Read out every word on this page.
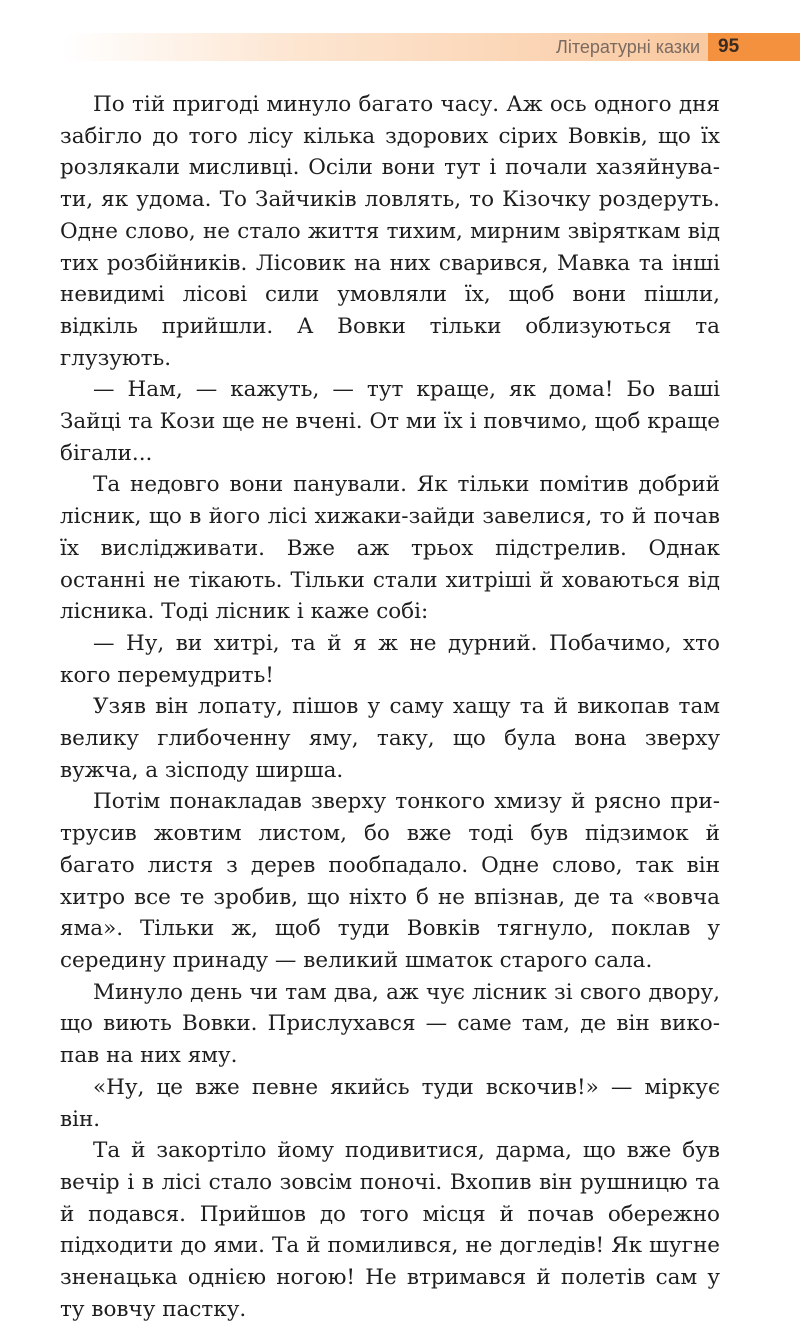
Літературні казки 95

По тій пригоді минуло багато часу. Аж ось одного дня забігло до того лісу кілька здорових сірих Вовків, що їх розлякали мисливці. Осіли вони тут і почали хазяйнувати, як удома. То Зайчиків ловлять, то Кізочку роздеруть. Одне слово, не стало життя тихим, мирним звіряткам від тих розбійників. Лісовик на них сварився, Мавка та інші невидимі лісові сили умовляли їх, щоб вони пішли, відкіль прийшли. А Вовки тільки облизуються та глузують.

— Нам, — кажуть, — тут краще, як дома! Бо ваші Зайці та Кози ще не вчені. От ми їх і повчимо, щоб краще бігали...

Та недовго вони панували. Як тільки помітив добрий лісник, що в його лісі хижаки-зайди завелися, то й почав їх вислідживати. Вже аж трьох підстрелив. Однак останні не тікають. Тільки стали хитріші й ховаються від лісника. Тоді лісник і каже собі:

— Ну, ви хитрі, та й я ж не дурний. Побачимо, хто кого перемудрить!

Узяв він лопату, пішов у саму хащу та й викопав там велику глибоченну яму, таку, що була вона зверху вужча, а зісподу ширша.

Потім понакладав зверху тонкого хмизу й рясно притрусив жовтим листом, бо вже тоді був підзимок й багато листя з дерев пообпадало. Одне слово, так він хитро все те зробив, що ніхто б не впізнав, де та «вовча яма». Тільки ж, щоб туди Вовків тягнуло, поклав у середину принаду — великий шматок старого сала.

Минуло день чи там два, аж чує лісник зі свого двору, що виють Вовки. Прислухався — саме там, де він викопав на них яму.

«Ну, це вже певне якийсь туди вскочив!» — міркує він.

Та й закортіло йому подивитися, дарма, що вже був вечір і в лісі стало зовсім поночі. Вхопив він рушницю та й подався. Прийшов до того місця й почав обережно підходити до ями. Та й помилився, не догледів! Як шугне зненацька однією ногою! Не втримався й полетів сам у ту вовчу пастку.
